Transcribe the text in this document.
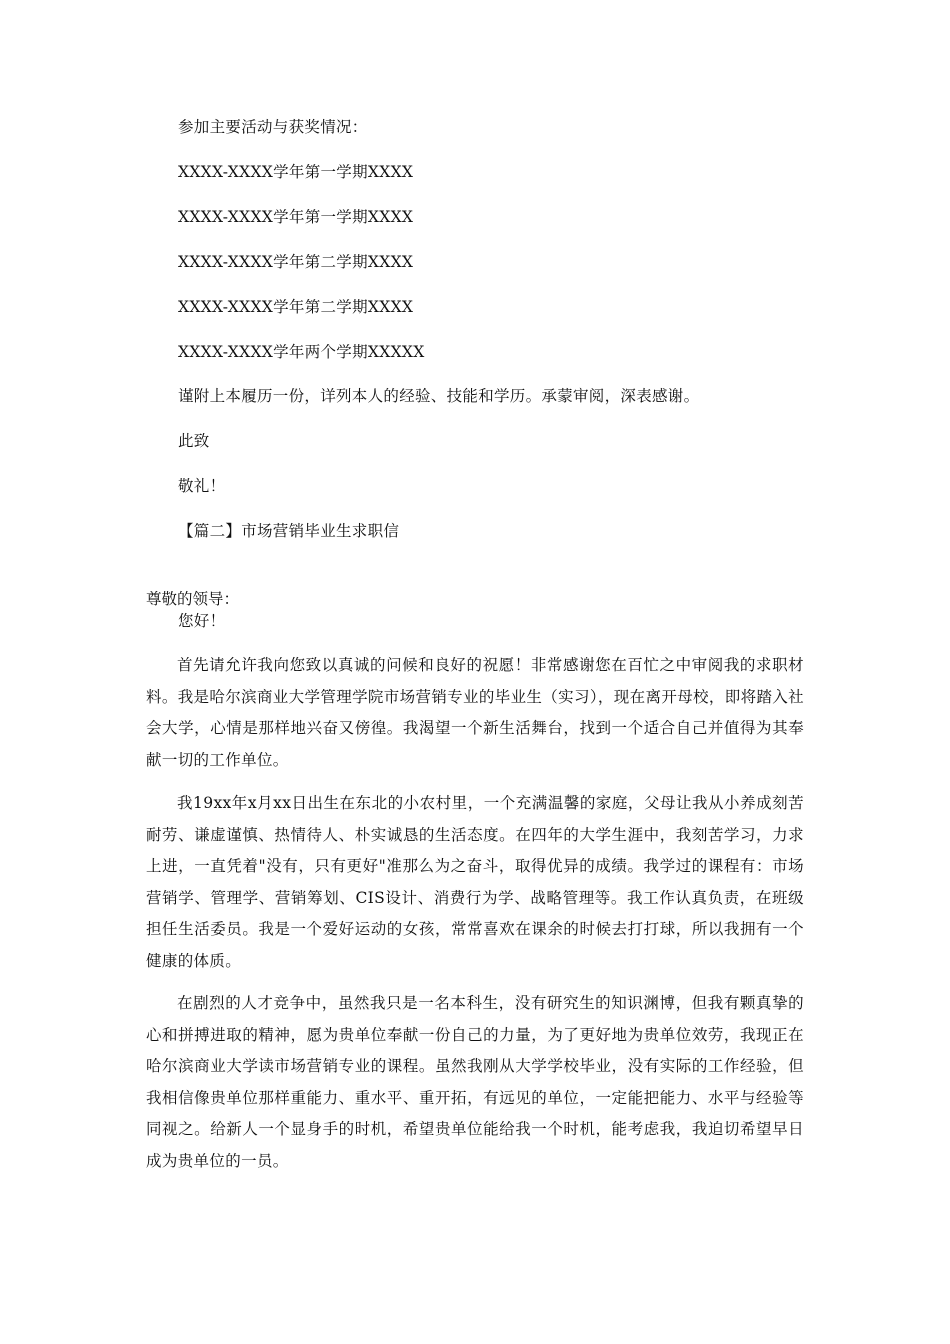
参加主要活动与获奖情况：
XXXX-XXXX学年第一学期XXXX
XXXX-XXXX学年第一学期XXXX
XXXX-XXXX学年第二学期XXXX
XXXX-XXXX学年第二学期XXXX
XXXX-XXXX学年两个学期XXXXX
谨附上本履历一份，详列本人的经验、技能和学历。承蒙审阅，深表感谢。
此致
敬礼！
【篇二】市场营销毕业生求职信
尊敬的领导：
您好！

首先请允许我向您致以真诚的问候和良好的祝愿！非常感谢您在百忙之中审阅我的求职材料。我是哈尔滨商业大学管理学院市场营销专业的毕业生（实习），现在离开母校，即将踏入社会大学，心情是那样地兴奋又傍徨。我渴望一个新生活舞台，找到一个适合自己并值得为其奉献一切的工作单位。

我19xx年x月xx日出生在东北的小农村里，一个充满温馨的家庭，父母让我从小养成刻苦耐劳、谦虚谨慎、热情待人、朴实诚恳的生活态度。在四年的大学生涯中，我刻苦学习，力求上进，一直凭着"没有，只有更好"准那么为之奋斗，取得优异的成绩。我学过的课程有：市场营销学、管理学、营销筹划、CIS设计、消费行为学、战略管理等。我工作认真负责，在班级担任生活委员。我是一个爱好运动的女孩，常常喜欢在课余的时候去打打球，所以我拥有一个健康的体质。

在剧烈的人才竞争中，虽然我只是一名本科生，没有研究生的知识渊博，但我有颗真挚的心和拼搏进取的精神，愿为贵单位奉献一份自己的力量，为了更好地为贵单位效劳，我现正在哈尔滨商业大学读市场营销专业的课程。虽然我刚从大学学校毕业，没有实际的工作经验，但我相信像贵单位那样重能力、重水平、重开拓，有远见的单位，一定能把能力、水平与经验等同视之。给新人一个显身手的时机，希望贵单位能给我一个时机，能考虑我，我迫切希望早日成为贵单位的一员。
